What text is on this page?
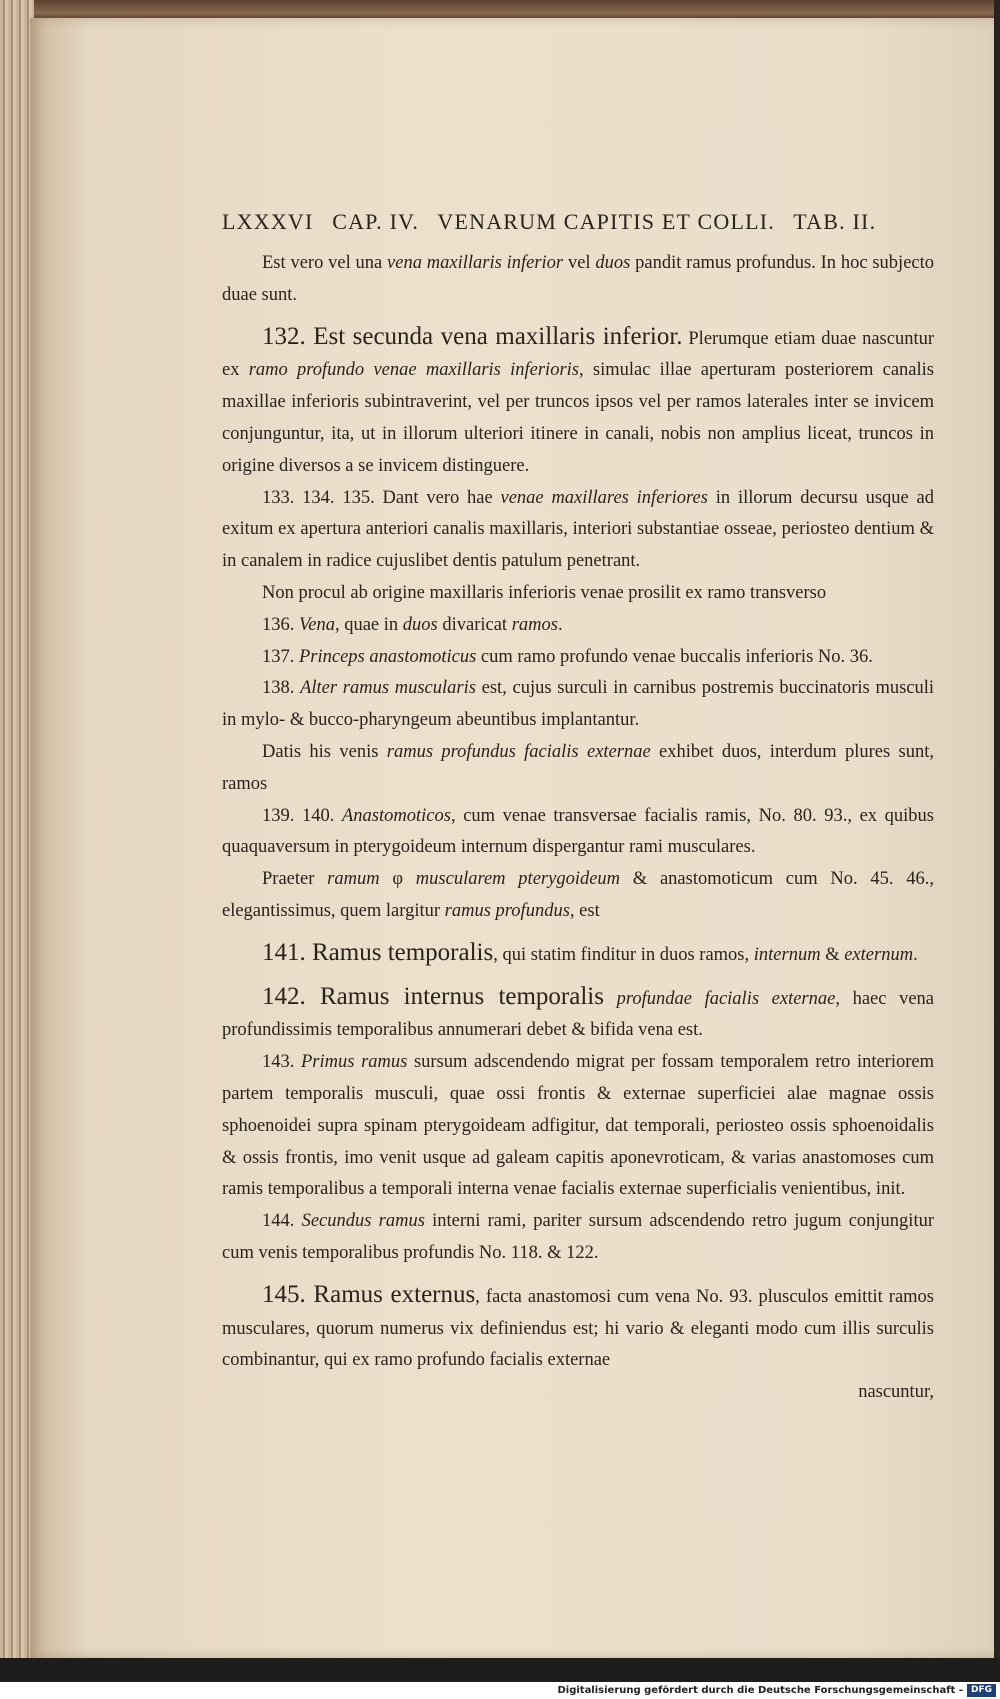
LXXXVI CAP. IV. VENARUM CAPITIS ET COLLI. TAB. II.

Est vero vel una vena maxillaris inferior vel duos pandit ramus profundus. In hoc subjecto duae sunt.

132. Est secunda vena maxillaris inferior. Plerumque etiam duae nascuntur ex ramo profundo venae maxillaris inferioris, simulac illae aperturam posteriorem canalis maxillae inferioris subintraverint, vel per truncos ipsos vel per ramos laterales inter se invicem conjunguntur, ita, ut in illorum ulteriori itinere in canali, nobis non amplius liceat, truncos in origine diversos a se invicem distinguere.

133. 134. 135. Dant vero hae venae maxillares inferiores in illorum decursu usque ad exitum ex apertura anteriori canalis maxillaris, interiori substantiae osseae, periosteo dentium & in canalem in radice cujuslibet dentis patulum penetrant.

Non procul ab origine maxillaris inferioris venae prosilit ex ramo transverso

136. Vena, quae in duos divaricat ramos.

137. Princeps anastomoticus cum ramo profundo venae buccalis inferioris No. 36.

138. Alter ramus muscularis est, cujus surculi in carnibus postremis buccinatoris musculi in mylo- & bucco-pharyngeum abeuntibus implantantur.

Datis his venis ramus profundus facialis externae exhibet duos, interdum plures sunt, ramos

139. 140. Anastomoticos, cum venae transversae facialis ramis, No. 80. 93., ex quibus quaquaversum in pterygoideum internum dispergantur rami musculares.

Praeter ramum φ muscularem pterygoideum & anastomoticum cum No. 45. 46., elegantissimus, quem largitur ramus profundus, est

141. Ramus temporalis, qui statim finditur in duos ramos, internum & externum.

142. Ramus internus temporalis profundae facialis externae, haec vena profundissimis temporalibus annumerari debet & bifida vena est.

143. Primus ramus sursum adscendendo migrat per fossam temporalem retro interiorem partem temporalis musculi, quae ossi frontis & externae superficiei alae magnae ossis sphoenoidei supra spinam pterygoideam adfigitur, dat temporali, periosteo ossis sphoenoidalis & ossis frontis, imo venit usque ad galeam capitis aponevroticam, & varias anastomoses cum ramis temporalibus a temporali interna venae facialis externae superficialis venientibus, init.

144. Secundus ramus interni rami, pariter sursum adscendendo retro jugum conjungitur cum venis temporalibus profundis No. 118. & 122.

145. Ramus externus, facta anastomosi cum vena No. 93. plusculos emittit ramos musculares, quorum numerus vix definiendus est; hi vario & eleganti modo cum illis surculis combinantur, qui ex ramo profundo facialis externae

nascuntur,

Digitalisierung gefördert durch die Deutsche Forschungsgemeinschaft - DFG
